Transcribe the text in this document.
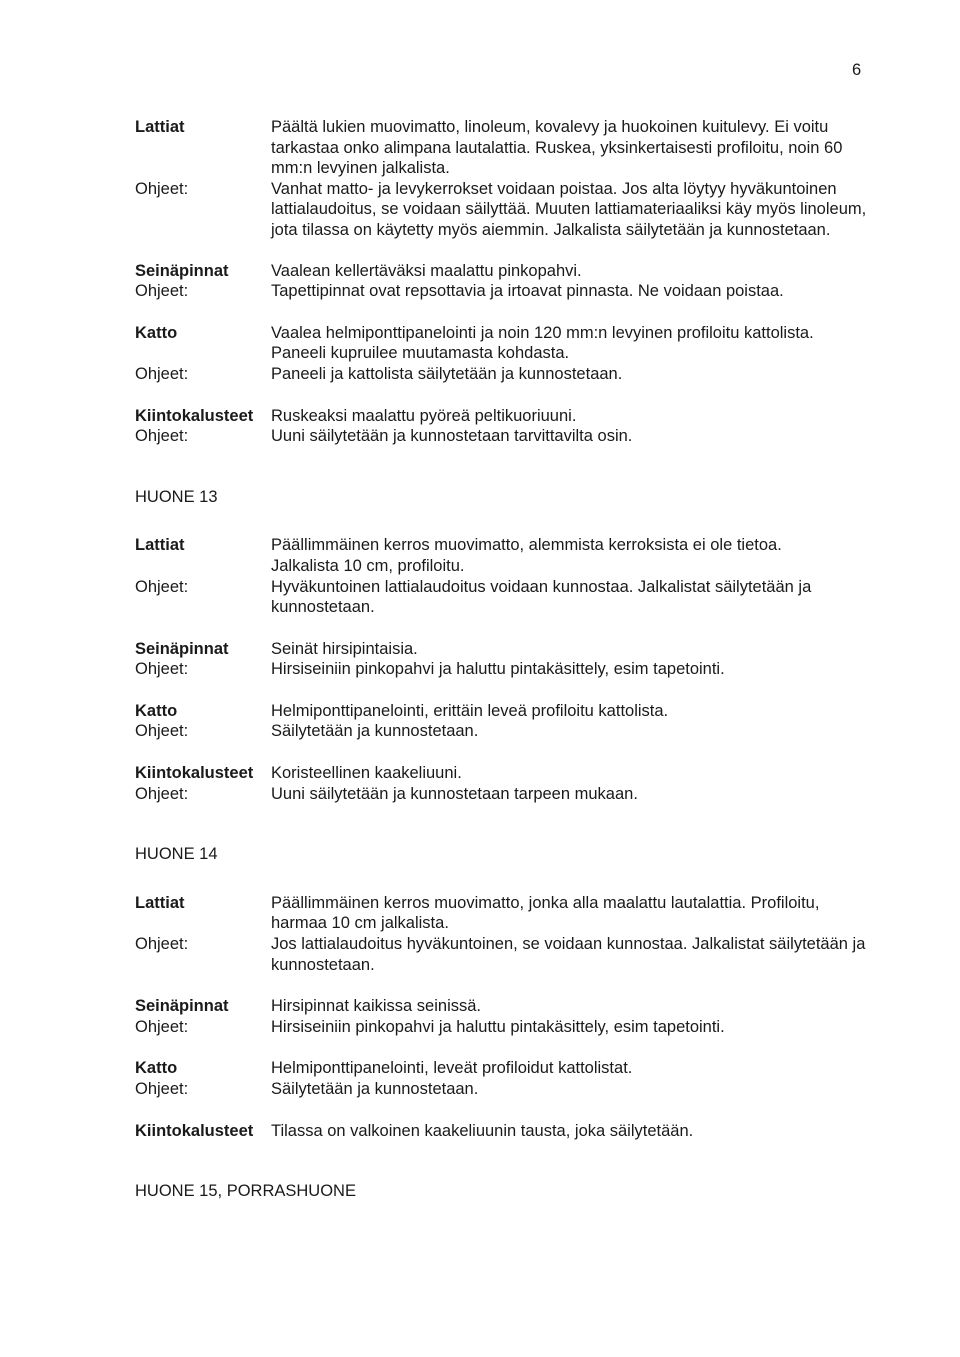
6
Lattiat	Päältä lukien muovimatto, linoleum, kovalevy ja huokoinen kuitulevy. Ei voitu tarkastaa onko alimpana lautalattia. Ruskea, yksinkertaisesti profiloitu, noin 60 mm:n levyinen jalkalista.
Ohjeet:	Vanhat matto- ja levykerrokset voidaan poistaa. Jos alta löytyy hyväkuntoinen lattialaudoitus, se voidaan säilyttää. Muuten lattiamateriaaliksi käy myös linoleum, jota tilassa on käytetty myös aiemmin. Jalkalista säilytetään ja kunnostetaan.
Seinäpinnat	Vaalean kellertäväksi maalattu pinkopahvi.
Ohjeet:	Tapettipinnat ovat repsottavia ja irtoavat pinnasta. Ne voidaan poistaa.
Katto	Vaalea helmiponttipanelointi ja noin 120 mm:n levyinen profiloitu kattolista.
Paneeli kupruilee muutamasta kohdasta.
Ohjeet:	Paneeli ja kattolista säilytetään ja kunnostetaan.
Kiintokalusteet	Ruskeaksi maalattu pyöreä peltikuoriuuni.
Ohjeet:	Uuni säilytetään ja kunnostetaan tarvittavilta osin.
HUONE 13
Lattiat	Päällimmäinen kerros muovimatto, alemmista kerroksista ei ole tietoa.
Jalkalista 10 cm, profiloitu.
Ohjeet:	Hyväkuntoinen lattialaudoitus voidaan kunnostaa. Jalkalistat säilytetään ja kunnostetaan.
Seinäpinnat	Seinät hirsipintaisia.
Ohjeet:	Hirsiseiniin pinkopahvi ja haluttu pintakäsittely, esim tapetointi.
Katto	Helmiponttipanelointi, erittäin leveä profiloitu kattolista.
Ohjeet:	Säilytetään ja kunnostetaan.
Kiintokalusteet	Koristeellinen kaakeliuuni.
Ohjeet:	Uuni säilytetään ja kunnostetaan tarpeen mukaan.
HUONE 14
Lattiat	Päällimmäinen kerros muovimatto, jonka alla maalattu lautalattia. Profiloitu, harmaa 10 cm jalkalista.
Ohjeet:	Jos lattialaudoitus hyväkuntoinen, se voidaan kunnostaa. Jalkalistat säilytetään ja kunnostetaan.
Seinäpinnat	Hirsipinnat kaikissa seinissä.
Ohjeet:	Hirsiseiniin pinkopahvi ja haluttu pintakäsittely, esim tapetointi.
Katto	Helmiponttipanelointi, leveät profiloidut kattolistat.
Ohjeet:	Säilytetään ja kunnostetaan.
Kiintokalusteet	Tilassa on valkoinen kaakeliuunin tausta, joka säilytetään.
HUONE 15, PORRASHUONE
